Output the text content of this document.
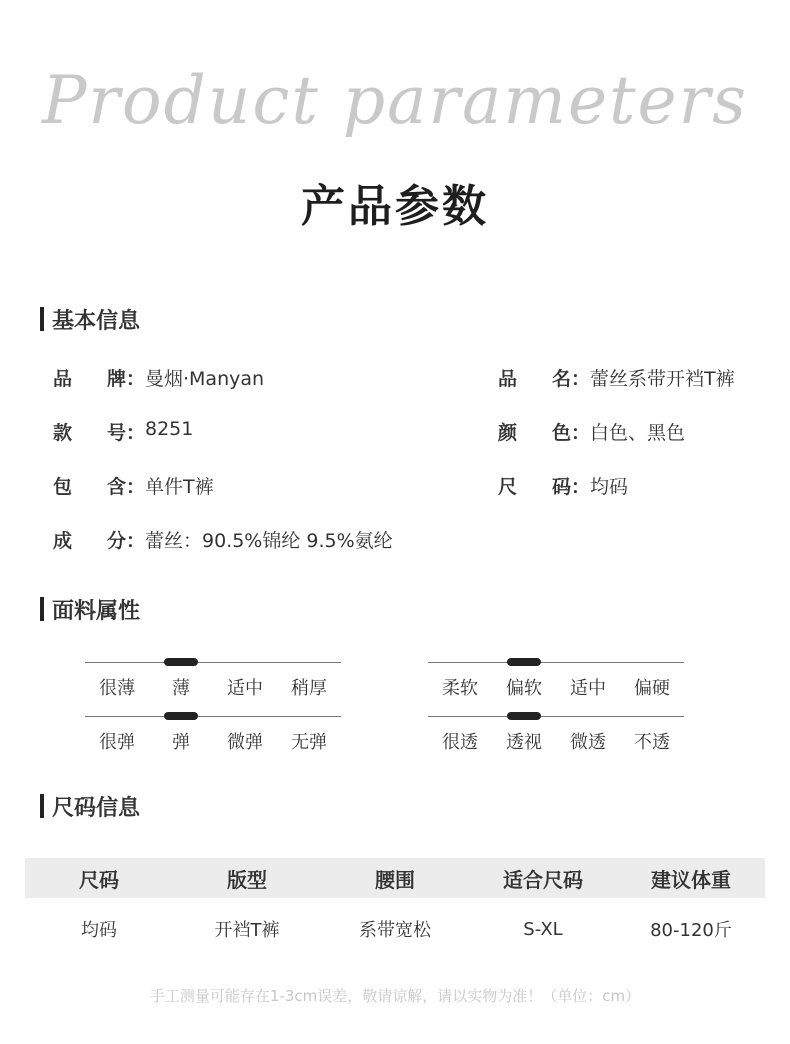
Product parameters
产品参数
基本信息
品 牌： 曼烟·Manyan	品 名： 蕾丝系带开裆T裤
款 号： 8251	颜 色： 白色、黑色
包 含： 单件T裤	尺 码： 均码
成 分： 蕾丝：90.5%锦纶 9.5%氨纶
面料属性
很薄	薄	适中	稍厚	柔软	偏软	适中	偏硬
很弹	弹	微弹	无弹	很透	透视	微透	不透
尺码信息
尺码	版型	腰围	适合尺码	建议体重
均码	开裆T裤	系带宽松	S-XL	80-120斤
手工测量可能存在1-3cm误差，敬请谅解，请以实物为准！（单位：cm）
